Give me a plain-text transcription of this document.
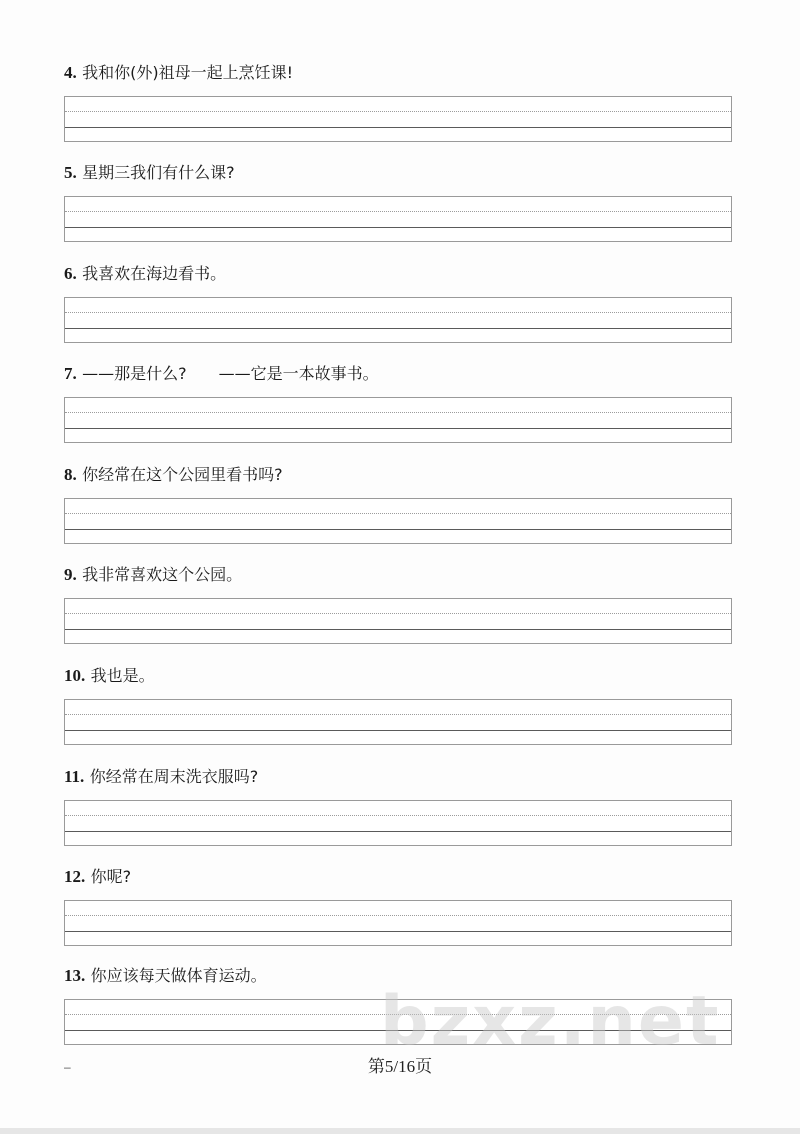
4. 我和你(外)祖母一起上烹饪课!
5. 星期三我们有什么课?
6. 我喜欢在海边看书。
7. ——那是什么?　　——它是一本故事书。
8. 你经常在这个公园里看书吗?
9. 我非常喜欢这个公园。
10. 我也是。
11. 你经常在周末洗衣服吗?
12. 你呢?
13. 你应该每天做体育运动。
bzxz.net
–	第5/16页
